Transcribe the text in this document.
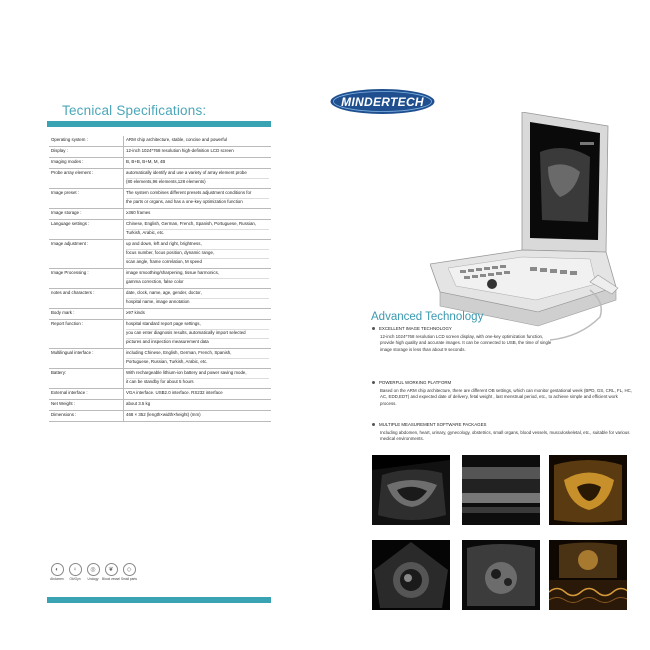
Tecnical Specifications:
Operating system :	ARM chip architecture, stable, concise and powerful

Display :	12-inch 1024*768 resolution high-definition LCD screen

Imaging modes :	B, B+B, B+M, M, 4B

Probe array element :	automatically identify and use a variety of array element probe
(80 elements,96 elements,128 elements)

Image preset :	The system combines different presets adjustment conditions for
the parts or organs, and has a one-key optimization function

Image storage :	≥360 frames

Language settings :	Chinese, English, German, French, Spanish, Portuguese, Russian,
Turkish, Arabic, etc.

Image adjustment :	up and down, left and right, brightness,
focus number, focus position, dynamic range,
scan angle, frame correlation, M speed

Image Processing :	image smoothing/sharpening, tissue harmonics,
gamma correction, false color

notes and characters :	date, clock, name, age, gender, doctor,
hospital name, image annotation

Body mark :	≥97 kinds

Report function :	hospital standard report page settings,
you can enter diagnosis results, automatically import selected
pictures and inspection measurement data

Multilingual interface :	including Chinese, English, German, French, Spanish,
Portuguese, Russian, Turkish, Arabic, etc.

Battery:	With rechargeable lithium-ion battery and power saving mode,
it can be standby for about 5 hours

External interface :	VGA interface. USB2.0 interface. RS232 interface

Net Weight :	about 3.5 kg

Dimensions :	468 × 352 (length×width×height) (mm)
◐
Abdomen
♀
Ob/Gyn
◎
Urology
❦
Blood vessel
◇
Small parts
MINDERTECH
Advanced Technology
EXCELLENT IMAGE TECHNOLOGY
12-inch 1024*768 resolution LCD screen display, with one-key optimization function, provide high quality and accurate images. It can be connected to USB, the time of single image storage is less than about 9 seconds.
POWERFUL WORKING PLATFORM
Based on the ARM chip architecture, there are different OB settings, which can monitor gestational week (BPD, GS, CRL, FL, HC, AC, EDD,EDT) and expected date of delivery, fetal weight , last menstrual period, etc., to achieve simple and efficient work process.
MULTIPLE MEASUREMENT SOFTWARE PACKAGES
Including abdomen, heart, urinary, gynecology, obstetrics, small organs, blood vessels, musculoskeletal, etc., suitable for various medical environments.
